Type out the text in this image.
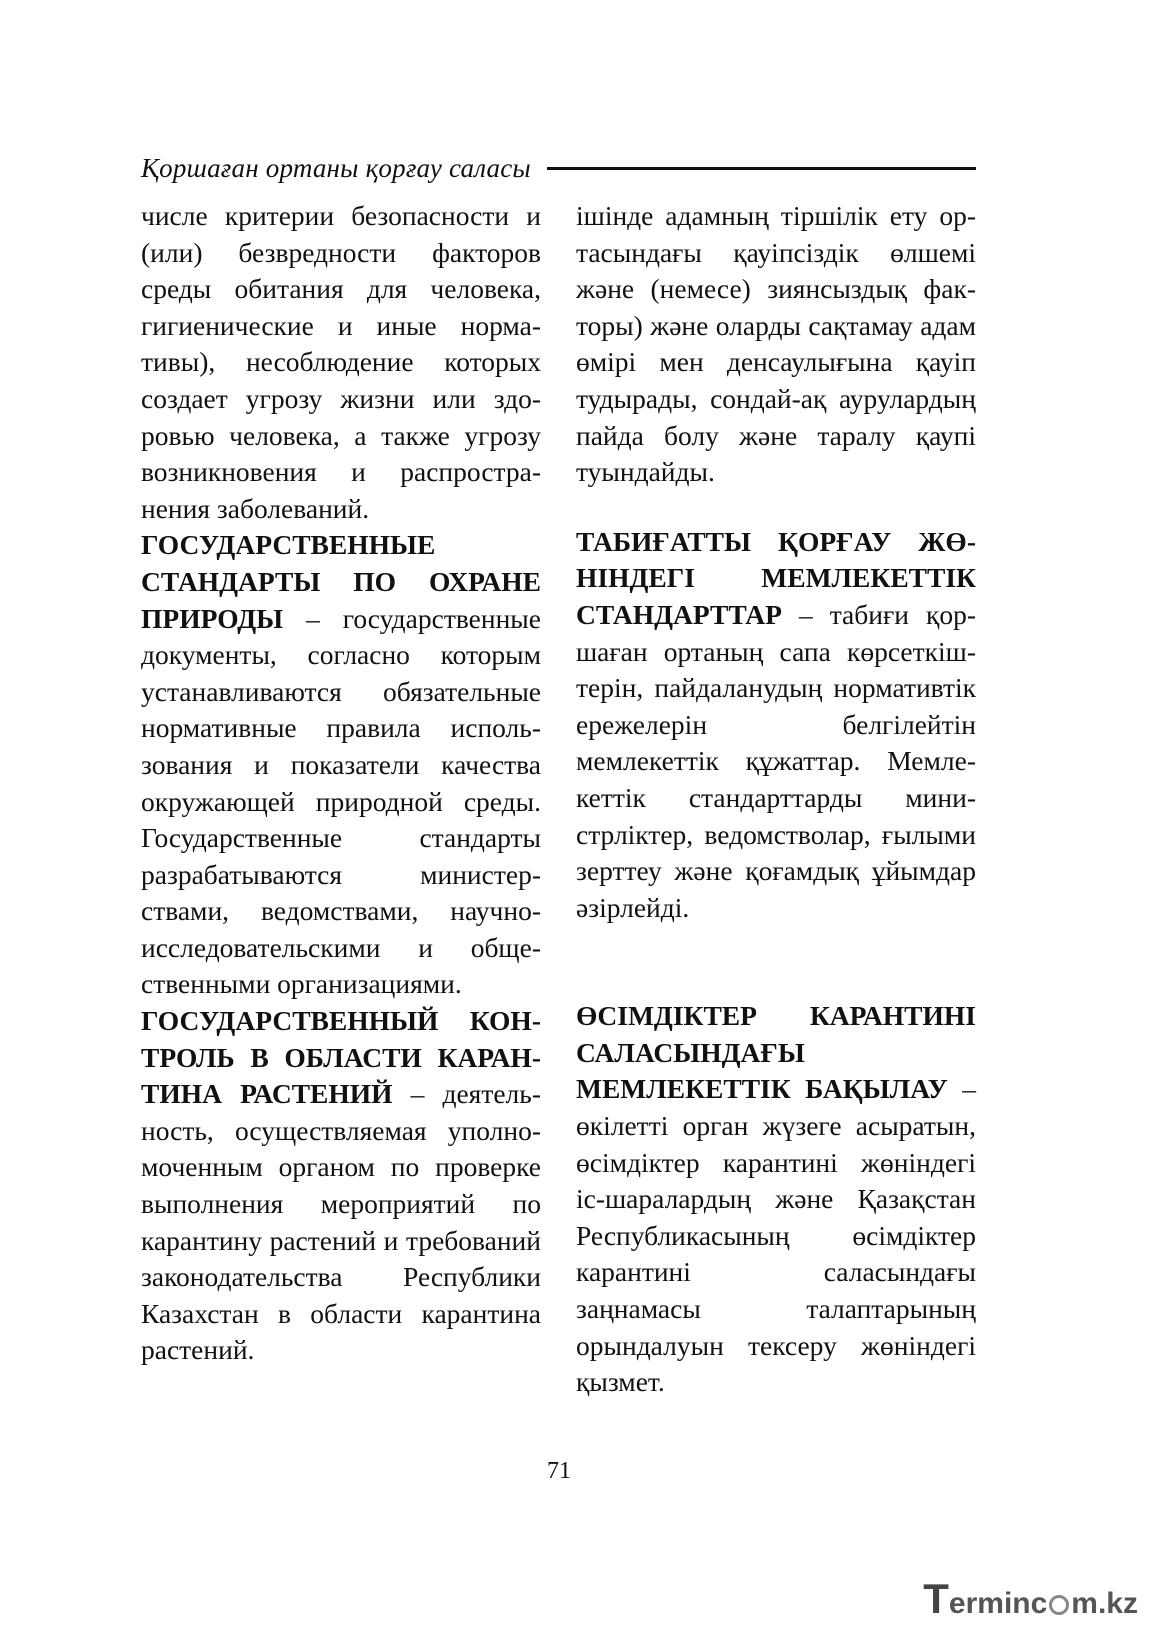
Қоршаған ортаны қорғау саласы

числе критерии безопасности и (или) безвредности факторов среды обитания для человека, гигиенические и иные нормативы), несоблюдение которых создает угрозу жизни или здоровью человека, а также угрозу возникновения и распространения заболеваний.

ГОСУДАРСТВЕННЫЕ СТАНДАРТЫ ПО ОХРАНЕ ПРИРОДЫ – государственные документы, согласно которым устанавливаются обязательные нормативные правила использования и показатели качества окружающей природной среды. Государственные стандарты разрабатываются министерствами, ведомствами, научно-исследовательскими и общественными организациями.

ГОСУДАРСТВЕННЫЙ КОНТРОЛЬ В ОБЛАСТИ КАРАНТИНА РАСТЕНИЙ – деятельность, осуществляемая уполномоченным органом по проверке выполнения мероприятий по карантину растений и требований законодательства Республики Казахстан в области карантина растений.

ішінде адамның тіршілік ету ортасындағы қауіпсіздік өлшемі және (немесе) зиянсыздық факторы) және оларды сақтамау адам өмірі мен денсаулығына қауіп тудырады, сондай-ақ аурулардың пайда болу және таралу қаупі туындайды.

ТАБИҒАТТЫ ҚОРҒАУ ЖӨНІНДЕГІ МЕМЛЕКЕТТІК СТАНДАРТТАР – табиғи қоршаған ортаның сапа көрсеткіштерін, пайдаланудың нормативтік ережелерін белгілейтін мемлекеттік құжаттар. Мемлекеттік стандарттарды министрліктер, ведомстволар, ғылыми зерттеу және қоғамдық ұйымдар әзірлейді.

ӨСІМДІКТЕР КАРАНТИНІ САЛАСЫНДАҒЫ МЕМЛЕКЕТТІК БАҚЫЛАУ – өкілетті орган жүзеге асыратын, өсімдіктер карантині жөніндегі іс-шаралардың және Қазақстан Республикасының өсімдіктер карантині саласындағы заңнамасы талаптарының орындалуын тексеру жөніндегі қызмет.

71
T erminc m.kz
